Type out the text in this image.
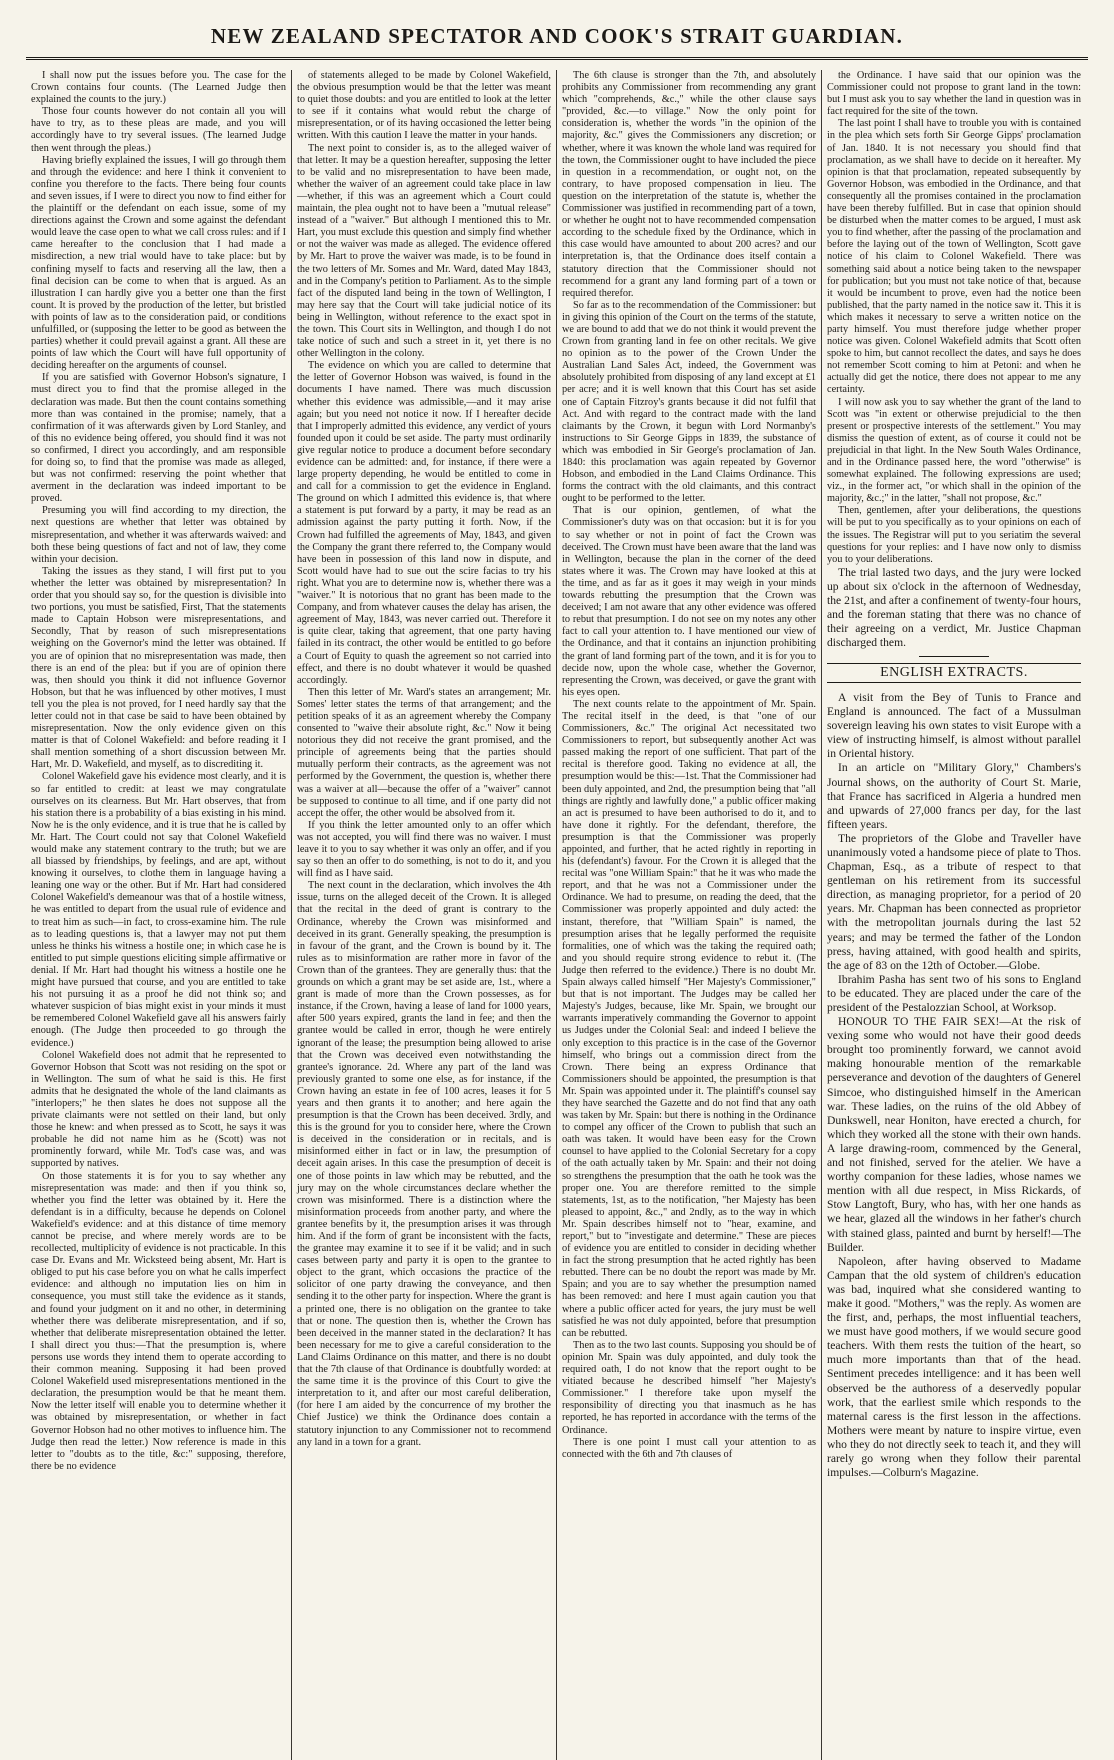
NEW ZEALAND SPECTATOR AND COOK'S STRAIT GUARDIAN.

I shall now put the issues before you. The case for the Crown contains four counts. (The Learned Judge then explained the counts to the jury.)

Those four counts however do not contain all you will have to try, as to these pleas are made, and you will accordingly have to try several issues. (The learned Judge then went through the pleas.)

Having briefly explained the issues, I will go through them and through the evidence: and here I think it convenient to confine you therefore to the facts. There being four counts and seven issues, if I were to direct you now to find either for the plaintiff or the defendant on each issue, some of my directions against the Crown and some against the defendant would leave the case open to what we call cross rules: and if I came hereafter to the conclusion that I had made a misdirection, a new trial would have to take place: but by confining myself to facts and reserving all the law, then a final decision can be come to when that is argued. As an illustration I can hardly give you a better one than the first count. It is proved by the production of the letter, but bristled with points of law as to the consideration paid, or conditions unfulfilled, or (supposing the letter to be good as between the parties) whether it could prevail against a grant. All these are points of law which the Court will have full opportunity of deciding hereafter on the arguments of counsel.

If you are satisfied with Governor Hobson's signature, I must direct you to find that the promise alleged in the declaration was made. But then the count contains something more than was contained in the promise; namely, that a confirmation of it was afterwards given by Lord Stanley, and of this no evidence being offered, you should find it was not so confirmed, I direct you accordingly, and am responsible for doing so, to find that the promise was made as alleged, but was not confirmed: reserving the point whether that averment in the declaration was indeed important to be proved.

Presuming you will find according to my direction, the next questions are whether that letter was obtained by misrepresentation, and whether it was afterwards waived: and both these being questions of fact and not of law, they come within your decision.

Taking the issues as they stand, I will first put to you whether the letter was obtained by misrepresentation? In order that you should say so, for the question is divisible into two portions, you must be satisfied, First, That the statements made to Captain Hobson were misrepresentations, and Secondly, That by reason of such misrepresentations weighing on the Governor's mind the letter was obtained. If you are of opinion that no misrepresentation was made, then there is an end of the plea: but if you are of opinion there was, then should you think it did not influence Governor Hobson, but that he was influenced by other motives, I must tell you the plea is not proved, for I need hardly say that the letter could not in that case be said to have been obtained by misrepresentation. Now the only evidence given on this matter is that of Colonel Wakefield: and before reading it I shall mention something of a short discussion between Mr. Hart, Mr. D. Wakefield, and myself, as to discrediting it.

Colonel Wakefield gave his evidence most clearly, and it is so far entitled to credit: at least we may congratulate ourselves on its clearness. But Mr. Hart observes, that from his station there is a probability of a bias existing in his mind. Now he is the only evidence, and it is true that he is called by Mr. Hart. The Court could not say that Colonel Wakefield would make any statement contrary to the truth; but we are all biassed by friendships, by feelings, and are apt, without knowing it ourselves, to clothe them in language having a leaning one way or the other. But if Mr. Hart had considered Colonel Wakefield's demeanour was that of a hostile witness, he was entitled to depart from the usual rule of evidence and to treat him as such—in fact, to cross-examine him. The rule as to leading questions is, that a lawyer may not put them unless he thinks his witness a hostile one; in which case he is entitled to put simple questions eliciting simple affirmative or denial. If Mr. Hart had thought his witness a hostile one he might have pursued that course, and you are entitled to take his not pursuing it as a proof he did not think so; and whatever suspicion of bias might exist in your minds it must be remembered Colonel Wakefield gave all his answers fairly enough. (The Judge then proceeded to go through the evidence.)

Colonel Wakefield does not admit that he represented to Governor Hobson that Scott was not residing on the spot or in Wellington. The sum of what he said is this. He first admits that he designated the whole of the land claimants as "interlopers;" he then slates he does not suppose all the private claimants were not settled on their land, but only those he knew: and when pressed as to Scott, he says it was probable he did not name him as he (Scott) was not prominently forward, while Mr. Tod's case was, and was supported by natives.

On those statements it is for you to say whether any misrepresentation was made: and then if you think so, whether you find the letter was obtained by it. Here the defendant is in a difficulty, because he depends on Colonel Wakefield's evidence: and at this distance of time memory cannot be precise, and where merely words are to be recollected, multiplicity of evidence is not practicable. In this case Dr. Evans and Mr. Wicksteed being absent, Mr. Hart is obliged to put his case before you on what he calls imperfect evidence: and although no imputation lies on him in consequence, you must still take the evidence as it stands, and found your judgment on it and no other, in determining whether there was deliberate misrepresentation, and if so, whether that deliberate misrepresentation obtained the letter. I shall direct you thus:—That the presumption is, where persons use words they intend them to operate according to their common meaning. Supposing it had been proved Colonel Wakefield used misrepresentations mentioned in the declaration, the presumption would be that he meant them. Now the letter itself will enable you to determine whether it was obtained by misrepresentation, or whether in fact Governor Hobson had no other motives to influence him. The Judge then read the letter.) Now reference is made in this letter to "doubts as to the title, &c:" supposing, therefore, there be no evidence

of statements alleged to be made by Colonel Wakefield, the obvious presumption would be that the letter was meant to quiet those doubts: and you are entitled to look at the letter to see if it contains what would rebut the charge of misrepresentation, or of its having occasioned the letter being written. With this caution I leave the matter in your hands.

The next point to consider is, as to the alleged waiver of that letter. It may be a question hereafter, supposing the letter to be valid and no misrepresentation to have been made, whether the waiver of an agreement could take place in law—whether, if this was an agreement which a Court could maintain, the plea ought not to have been a "mutual release" instead of a "waiver." But although I mentioned this to Mr. Hart, you must exclude this question and simply find whether or not the waiver was made as alleged. The evidence offered by Mr. Hart to prove the waiver was made, is to be found in the two letters of Mr. Somes and Mr. Ward, dated May 1843, and in the Company's petition to Parliament. As to the simple fact of the disputed land being in the town of Wellington, I may here say that the Court will take judicial notice of its being in Wellington, without reference to the exact spot in the town. This Court sits in Wellington, and though I do not take notice of such and such a street in it, yet there is no other Wellington in the colony.

The evidence on which you are called to determine that the letter of Governor Hobson was waived, is found in the documents I have named. There was much discussion whether this evidence was admissible,—and it may arise again; but you need not notice it now. If I hereafter decide that I improperly admitted this evidence, any verdict of yours founded upon it could be set aside. The party must ordinarily give regular notice to produce a document before secondary evidence can be admitted: and, for instance, if there were a large property depending, he would be entitled to come in and call for a commission to get the evidence in England. The ground on which I admitted this evidence is, that where a statement is put forward by a party, it may be read as an admission against the party putting it forth. Now, if the Crown had fulfilled the agreements of May, 1843, and given the Company the grant there referred to, the Company would have been in possession of this land now in dispute, and Scott would have had to sue out the scire facias to try his right. What you are to determine now is, whether there was a "waiver." It is notorious that no grant has been made to the Company, and from whatever causes the delay has arisen, the agreement of May, 1843, was never carried out. Therefore it is quite clear, taking that agreement, that one party having failed in its contract, the other would be entitled to go before a Court of Equity to quash the agreement so not carried into effect, and there is no doubt whatever it would be quashed accordingly.

Then this letter of Mr. Ward's states an arrangement; Mr. Somes' letter states the terms of that arrangement; and the petition speaks of it as an agreement whereby the Company consented to "waive their absolute right, &c." Now it being notorious they did not receive the grant promised, and the principle of agreements being that the parties should mutually perform their contracts, as the agreement was not performed by the Government, the question is, whether there was a waiver at all—because the offer of a "waiver" cannot be supposed to continue to all time, and if one party did not accept the offer, the other would be absolved from it.

If you think the letter amounted only to an offer which was not accepted, you will find there was no waiver. I must leave it to you to say whether it was only an offer, and if you say so then an offer to do something, is not to do it, and you will find as I have said.

The next count in the declaration, which involves the 4th issue, turns on the alleged deceit of the Crown. It is alleged that the recital in the deed of grant is contrary to the Ordinance, whereby the Crown was misinformed and deceived in its grant. Generally speaking, the presumption is in favour of the grant, and the Crown is bound by it. The rules as to misinformation are rather more in favor of the Crown than of the grantees. They are generally thus: that the grounds on which a grant may be set aside are, 1st., where a grant is made of more than the Crown possesses, as for instance, if the Crown, having a lease of land for 1000 years, after 500 years expired, grants the land in fee; and then the grantee would be called in error, though he were entirely ignorant of the lease; the presumption being allowed to arise that the Crown was deceived even notwithstanding the grantee's ignorance. 2d. Where any part of the land was previously granted to some one else, as for instance, if the Crown having an estate in fee of 100 acres, leases it for 5 years and then grants it to another; and here again the presumption is that the Crown has been deceived. 3rdly, and this is the ground for you to consider here, where the Crown is deceived in the consideration or in recitals, and is misinformed either in fact or in law, the presumption of deceit again arises. In this case the presumption of deceit is one of those points in law which may be rebutted, and the jury may on the whole circumstances declare whether the crown was misinformed. There is a distinction where the misinformation proceeds from another party, and where the grantee benefits by it, the presumption arises it was through him. And if the form of grant be inconsistent with the facts, the grantee may examine it to see if it be valid; and in such cases between party and party it is open to the grantee to object to the grant, which occasions the practice of the solicitor of one party drawing the conveyance, and then sending it to the other party for inspection. Where the grant is a printed one, there is no obligation on the grantee to take that or none. The question then is, whether the Crown has been deceived in the manner stated in the declaration? It has been necessary for me to give a careful consideration to the Land Claims Ordinance on this matter, and there is no doubt that the 7th clause of that Ordinance is doubtfully worded: at the same time it is the province of this Court to give the interpretation to it, and after our most careful deliberation, (for here I am aided by the concurrence of my brother the Chief Justice) we think the Ordinance does contain a statutory injunction to any Commissioner not to recommend any land in a town for a grant.

The 6th clause is stronger than the 7th, and absolutely prohibits any Commissioner from recommending any grant which "comprehends, &c.," while the other clause says "provided, &c.—to village." Now the only point for consideration is, whether the words "in the opinion of the majority, &c." gives the Commissioners any discretion; or whether, where it was known the whole land was required for the town, the Commissioner ought to have included the piece in question in a recommendation, or ought not, on the contrary, to have proposed compensation in lieu. The question on the interpretation of the statute is, whether the Commissioner was justified in recommending part of a town, or whether he ought not to have recommended compensation according to the schedule fixed by the Ordinance, which in this case would have amounted to about 200 acres? and our interpretation is, that the Ordinance does itself contain a statutory direction that the Commissioner should not recommend for a grant any land forming part of a town or required therefor.

So far as to the recommendation of the Commissioner: but in giving this opinion of the Court on the terms of the statute, we are bound to add that we do not think it would prevent the Crown from granting land in fee on other recitals. We give no opinion as to the power of the Crown Under the Australian Land Sales Act, indeed, the Government was absolutely prohibited from disposing of any land except at £1 per acre; and it is well known that this Court has set aside one of Captain Fitzroy's grants because it did not fulfil that Act. And with regard to the contract made with the land claimants by the Crown, it begun with Lord Normanby's instructions to Sir George Gipps in 1839, the substance of which was embodied in Sir George's proclamation of Jan. 1840: this proclamation was again repeated by Governor Hobson, and embodied in the Land Claims Ordinance. This forms the contract with the old claimants, and this contract ought to be performed to the letter.

That is our opinion, gentlemen, of what the Commissioner's duty was on that occasion: but it is for you to say whether or not in point of fact the Crown was deceived. The Crown must have been aware that the land was in Wellington, because the plan in the corner of the deed states where it was. The Crown may have looked at this at the time, and as far as it goes it may weigh in your minds towards rebutting the presumption that the Crown was deceived; I am not aware that any other evidence was offered to rebut that presumption. I do not see on my notes any other fact to call your attention to. I have mentioned our view of the Ordinance, and that it contains an injunction prohibiting the grant of land forming part of the town, and it is for you to decide now, upon the whole case, whether the Governor, representing the Crown, was deceived, or gave the grant with his eyes open.

The next counts relate to the appointment of Mr. Spain. The recital itself in the deed, is that "one of our Commissioners, &c." The original Act necessitated two Commissioners to report, but subsequently another Act was passed making the report of one sufficient. That part of the recital is therefore good. Taking no evidence at all, the presumption would be this:—1st. That the Commissioner had been duly appointed, and 2nd, the presumption being that "all things are rightly and lawfully done," a public officer making an act is presumed to have been authorised to do it, and to have done it rightly. For the defendant, therefore, the presumption is that the Commissioner was properly appointed, and further, that he acted rightly in reporting in his (defendant's) favour. For the Crown it is alleged that the recital was "one William Spain:" that he it was who made the report, and that he was not a Commissioner under the Ordinance. We had to presume, on reading the deed, that the Commissioner was properly appointed and duly acted: the instant, therefore, that "William Spain" is named, the presumption arises that he legally performed the requisite formalities, one of which was the taking the required oath; and you should require strong evidence to rebut it. (The Judge then referred to the evidence.) There is no doubt Mr. Spain always called himself "Her Majesty's Commissioner," but that is not important. The Judges may be called her Majesty's Judges, because, like Mr. Spain, we brought our warrants imperatively commanding the Governor to appoint us Judges under the Colonial Seal: and indeed I believe the only exception to this practice is in the case of the Governor himself, who brings out a commission direct from the Crown. There being an express Ordinance that Commissioners should be appointed, the presumption is that Mr. Spain was appointed under it. The plaintiff's counsel say they have searched the Gazette and do not find that any oath was taken by Mr. Spain: but there is nothing in the Ordinance to compel any officer of the Crown to publish that such an oath was taken. It would have been easy for the Crown counsel to have applied to the Colonial Secretary for a copy of the oath actually taken by Mr. Spain: and their not doing so strengthens the presumption that the oath he took was the proper one. You are therefore remitted to the simple statements, 1st, as to the notification, "her Majesty has been pleased to appoint, &c.," and 2ndly, as to the way in which Mr. Spain describes himself not to "hear, examine, and report," but to "investigate and determine." These are pieces of evidence you are entitled to consider in deciding whether in fact the strong presumption that he acted rightly has been rebutted. There can be no doubt the report was made by Mr. Spain; and you are to say whether the presumption named has been removed: and here I must again caution you that where a public officer acted for years, the jury must be well satisfied he was not duly appointed, before that presumption can be rebutted.

Then as to the two last counts. Supposing you should be of opinion Mr. Spain was duly appointed, and duly took the required oath, I do not know that the report ought to be vitiated because he described himself "her Majesty's Commissioner." I therefore take upon myself the responsibility of directing you that inasmuch as he has reported, he has reported in accordance with the terms of the Ordinance.

There is one point I must call your attention to as connected with the 6th and 7th clauses of

the Ordinance. I have said that our opinion was the Commissioner could not propose to grant land in the town: but I must ask you to say whether the land in question was in fact required for the site of the town.

The last point I shall have to trouble you with is contained in the plea which sets forth Sir George Gipps' proclamation of Jan. 1840. It is not necessary you should find that proclamation, as we shall have to decide on it hereafter. My opinion is that that proclamation, repeated subsequently by Governor Hobson, was embodied in the Ordinance, and that consequently all the promises contained in the proclamation have been thereby fulfilled. But in case that opinion should be disturbed when the matter comes to be argued, I must ask you to find whether, after the passing of the proclamation and before the laying out of the town of Wellington, Scott gave notice of his claim to Colonel Wakefield. There was something said about a notice being taken to the newspaper for publication; but you must not take notice of that, because it would be incumbent to prove, even had the notice been published, that the party named in the notice saw it. This it is which makes it necessary to serve a written notice on the party himself. You must therefore judge whether proper notice was given. Colonel Wakefield admits that Scott often spoke to him, but cannot recollect the dates, and says he does not remember Scott coming to him at Petoni: and when he actually did get the notice, there does not appear to me any certainty.

I will now ask you to say whether the grant of the land to Scott was "in extent or otherwise prejudicial to the then present or prospective interests of the settlement." You may dismiss the question of extent, as of course it could not be prejudicial in that light. In the New South Wales Ordinance, and in the Ordinance passed here, the word "otherwise" is somewhat explained. The following expressions are used; viz., in the former act, "or which shall in the opinion of the majority, &c.;" in the latter, "shall not propose, &c."

Then, gentlemen, after your deliberations, the questions will be put to you specifically as to your opinions on each of the issues. The Registrar will put to you seriatim the several questions for your replies: and I have now only to dismiss you to your deliberations.

The trial lasted two days, and the jury were locked up about six o'clock in the afternoon of Wednesday, the 21st, and after a confinement of twenty-four hours, and the foreman stating that there was no chance of their agreeing on a verdict, Mr. Justice Chapman discharged them.

ENGLISH EXTRACTS.

A visit from the Bey of Tunis to France and England is announced. The fact of a Mussulman sovereign leaving his own states to visit Europe with a view of instructing himself, is almost without parallel in Oriental history.

In an article on "Military Glory," Chambers's Journal shows, on the authority of Court St. Marie, that France has sacrificed in Algeria a hundred men and upwards of 27,000 francs per day, for the last fifteen years.

The proprietors of the Globe and Traveller have unanimously voted a handsome piece of plate to Thos. Chapman, Esq., as a tribute of respect to that gentleman on his retirement from its successful direction, as managing proprietor, for a period of 20 years. Mr. Chapman has been connected as proprietor with the metropolitan journals during the last 52 years; and may be termed the father of the London press, having attained, with good health and spirits, the age of 83 on the 12th of October.—Globe.

Ibrahim Pasha has sent two of his sons to England to be educated. They are placed under the care of the president of the Pestalozzian School, at Worksop.

HONOUR TO THE FAIR SEX!—At the risk of vexing some who would not have their good deeds brought too prominently forward, we cannot avoid making honourable mention of the remarkable perseverance and devotion of the daughters of Generel Simcoe, who distinguished himself in the American war. These ladies, on the ruins of the old Abbey of Dunkswell, near Honiton, have erected a church, for which they worked all the stone with their own hands. A large drawing-room, commenced by the General, and not finished, served for the atelier. We have a worthy companion for these ladies, whose names we mention with all due respect, in Miss Rickards, of Stow Langtoft, Bury, who has, with her one hands as we hear, glazed all the windows in her father's church with stained glass, painted and burnt by herself!—The Builder.

Napoleon, after having observed to Madame Campan that the old system of children's education was bad, inquired what she considered wanting to make it good. "Mothers," was the reply. As women are the first, and, perhaps, the most influential teachers, we must have good mothers, if we would secure good teachers. With them rests the tuition of the heart, so much more importants than that of the head. Sentiment precedes intelligence: and it has been well observed be the authoress of a deservedly popular work, that the earliest smile which responds to the maternal caress is the first lesson in the affections. Mothers were meant by nature to inspire virtue, even who they do not directly seek to teach it, and they will rarely go wrong when they follow their parental impulses.—Colburn's Magazine.
